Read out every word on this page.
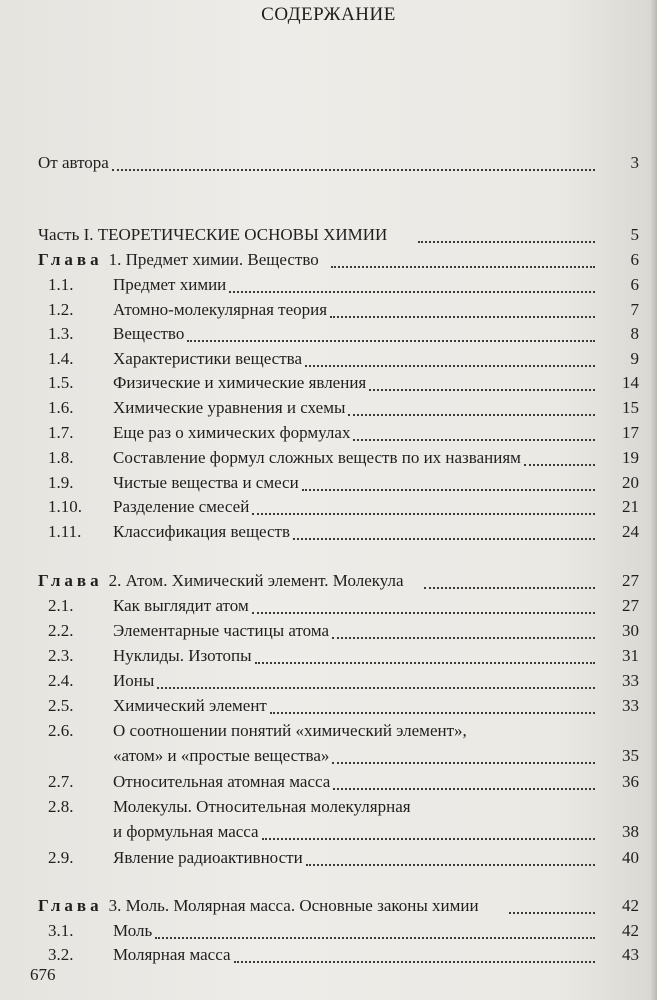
СОДЕРЖАНИЕ
От автора	3
Часть I. ТЕОРЕТИЧЕСКИЕ ОСНОВЫ ХИМИИ	5
Глава 1. Предмет химии. Вещество	6
1.1. Предмет химии	6
1.2. Атомно-молекулярная теория	7
1.3. Вещество	8
1.4. Характеристики вещества	9
1.5. Физические и химические явления	14
1.6. Химические уравнения и схемы	15
1.7. Еще раз о химических формулах	17
1.8. Составление формул сложных веществ по их названиям	19
1.9. Чистые вещества и смеси	20
1.10. Разделение смесей	21
1.11. Классификация веществ	24
Глава 2. Атом. Химический элемент. Молекула	27
2.1. Как выглядит атом	27
2.2. Элементарные частицы атома	30
2.3. Нуклиды. Изотопы	31
2.4. Ионы	33
2.5. Химический элемент	33
2.6. О соотношении понятий «химический элемент»,
«атом» и «простые вещества»	35
2.7. Относительная атомная масса	36
2.8. Молекулы. Относительная молекулярная
и формульная масса	38
2.9. Явление радиоактивности	40
Глава 3. Моль. Молярная масса. Основные законы химии	42
3.1. Моль	42
3.2. Молярная масса	43
676
